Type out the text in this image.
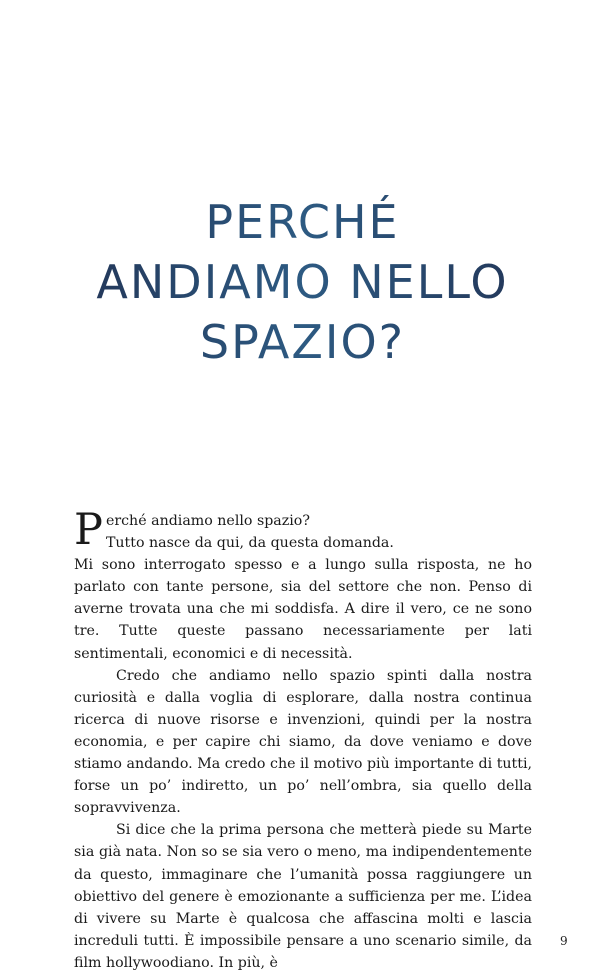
PERCHÉ
ANDIAMO NELLO
SPAZIO?

P erché andiamo nello spazio?
Tutto nasce da qui, da questa domanda.

Mi sono interrogato spesso e a lungo sulla risposta, ne ho parlato con tante persone, sia del settore che non. Penso di averne trovata una che mi soddisfa. A dire il vero, ce ne sono tre. Tutte queste passano necessariamente per lati sentimentali, economici e di necessità.

Credo che andiamo nello spazio spinti dalla nostra curiosità e dalla voglia di esplorare, dalla nostra continua ricerca di nuove risorse e invenzioni, quindi per la nostra economia, e per capire chi siamo, da dove veniamo e dove stiamo andando. Ma credo che il motivo più importante di tutti, forse un po’ indiretto, un po’ nell’ombra, sia quello della sopravvivenza.

Si dice che la prima persona che metterà piede su Marte sia già nata. Non so se sia vero o meno, ma indipendentemente da questo, immaginare che l’umanità possa raggiungere un obiettivo del genere è emozionante a sufficienza per me. L’idea di vivere su Marte è qualcosa che affascina molti e lascia increduli tutti. È impossibile pensare a uno scenario simile, da film hollywoodiano. In più, è

9
